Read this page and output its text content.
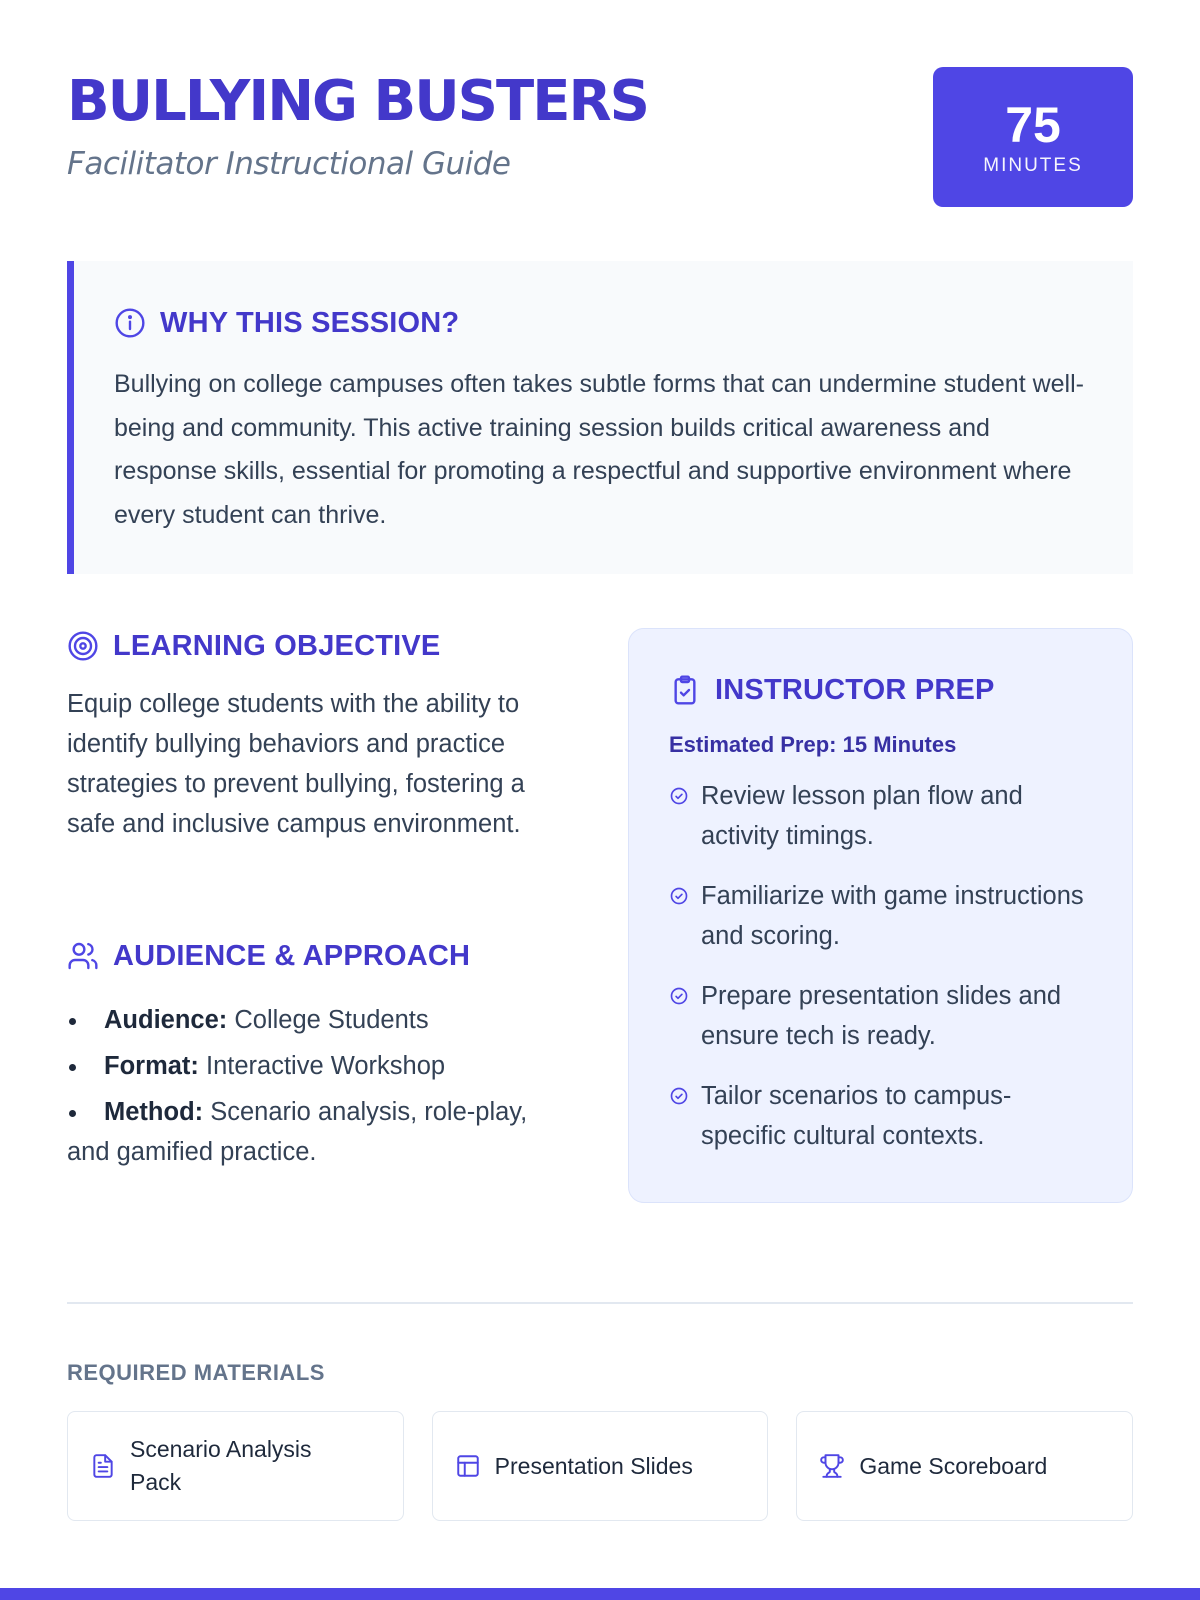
BULLYING BUSTERS

Facilitator Instructional Guide

75
MINUTES
WHY THIS SESSION?

Bullying on college campuses often takes subtle forms that can undermine student well-being and community. This active training session builds critical awareness and response skills, essential for promoting a respectful and supportive environment where every student can thrive.

LEARNING OBJECTIVE

Equip college students with the ability to identify bullying behaviors and practice strategies to prevent bullying, fostering a safe and inclusive campus environment.

AUDIENCE & APPROACH
Audience: College Students
Format: Interactive Workshop
Method: Scenario analysis, role-play, and gamified practice.
INSTRUCTOR PREP
Estimated Prep: 15 Minutes
Review lesson plan flow and activity timings.
Familiarize with game instructions and scoring.
Prepare presentation slides and ensure tech is ready.
Tailor scenarios to campus-specific cultural contexts.
REQUIRED MATERIALS
Scenario Analysis Pack
Presentation Slides	Game Scoreboard
